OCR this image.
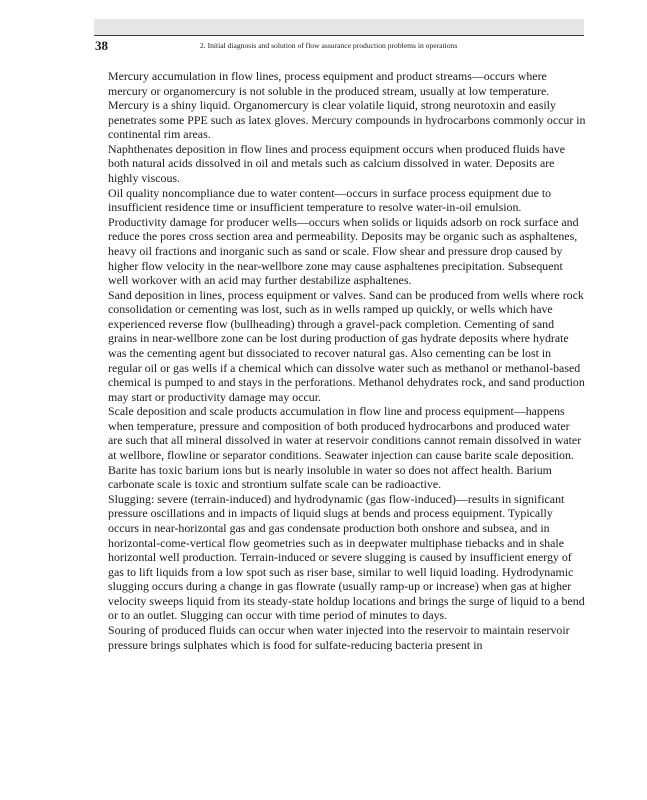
38	2. Initial diagnosis and solution of flow assurance production problems in operations

Mercury accumulation in flow lines, process equipment and product streams—occurs where mercury or organomercury is not soluble in the produced stream, usually at low temperature. Mercury is a shiny liquid. Organomercury is clear volatile liquid, strong neurotoxin and easily penetrates some PPE such as latex gloves. Mercury compounds in hydrocarbons commonly occur in continental rim areas.

Naphthenates deposition in flow lines and process equipment occurs when produced fluids have both natural acids dissolved in oil and metals such as calcium dissolved in water. Deposits are highly viscous.

Oil quality noncompliance due to water content—occurs in surface process equipment due to insufficient residence time or insufficient temperature to resolve water-in-oil emulsion.

Productivity damage for producer wells—occurs when solids or liquids adsorb on rock surface and reduce the pores cross section area and permeability. Deposits may be organic such as asphaltenes, heavy oil fractions and inorganic such as sand or scale. Flow shear and pressure drop caused by higher flow velocity in the near-wellbore zone may cause asphaltenes precipitation. Subsequent well workover with an acid may further destabilize asphaltenes.

Sand deposition in lines, process equipment or valves. Sand can be produced from wells where rock consolidation or cementing was lost, such as in wells ramped up quickly, or wells which have experienced reverse flow (bullheading) through a gravel-pack completion. Cementing of sand grains in near-wellbore zone can be lost during production of gas hydrate deposits where hydrate was the cementing agent but dissociated to recover natural gas. Also cementing can be lost in regular oil or gas wells if a chemical which can dissolve water such as methanol or methanol-based chemical is pumped to and stays in the perforations. Methanol dehydrates rock, and sand production may start or productivity damage may occur.

Scale deposition and scale products accumulation in flow line and process equipment—happens when temperature, pressure and composition of both produced hydrocarbons and produced water are such that all mineral dissolved in water at reservoir conditions cannot remain dissolved in water at wellbore, flowline or separator conditions. Seawater injection can cause barite scale deposition. Barite has toxic barium ions but is nearly insoluble in water so does not affect health. Barium carbonate scale is toxic and strontium sulfate scale can be radioactive.

Slugging: severe (terrain-induced) and hydrodynamic (gas flow-induced)—results in significant pressure oscillations and in impacts of liquid slugs at bends and process equipment. Typically occurs in near-horizontal gas and gas condensate production both onshore and subsea, and in horizontal-come-vertical flow geometries such as in deepwater multiphase tiebacks and in shale horizontal well production. Terrain-induced or severe slugging is caused by insufficient energy of gas to lift liquids from a low spot such as riser base, similar to well liquid loading. Hydrodynamic slugging occurs during a change in gas flowrate (usually ramp-up or increase) when gas at higher velocity sweeps liquid from its steady-state holdup locations and brings the surge of liquid to a bend or to an outlet. Slugging can occur with time period of minutes to days.

Souring of produced fluids can occur when water injected into the reservoir to maintain reservoir pressure brings sulphates which is food for sulfate-reducing bacteria present in
